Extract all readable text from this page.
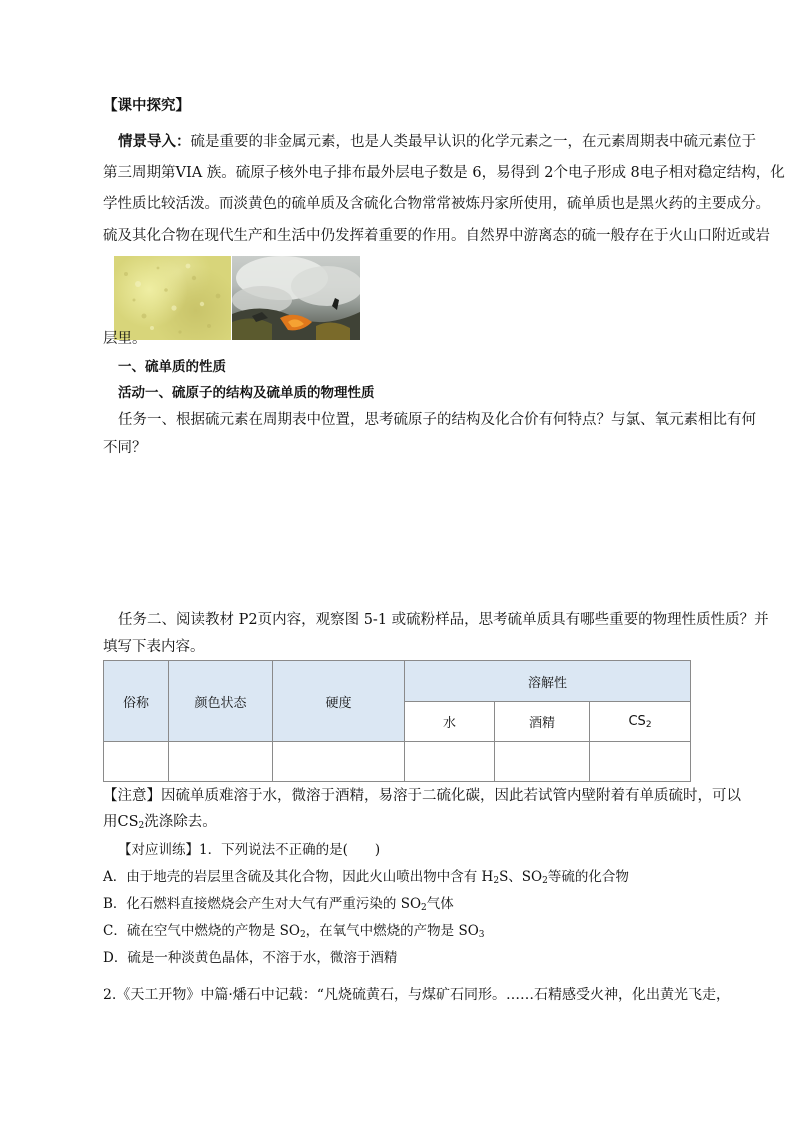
【课中探究】
情景导入：硫是重要的非金属元素，也是人类最早认识的化学元素之一，在元素周期表中硫元素位于
第三周期第VIA 族。硫原子核外电子排布最外层电子数是 6，易得到 2个电子形成 8电子相对稳定结构，化
学性质比较活泼。而淡黄色的硫单质及含硫化合物常常被炼丹家所使用，硫单质也是黑火药的主要成分。
硫及其化合物在现代生产和生活中仍发挥着重要的作用。自然界中游离态的硫一般存在于火山口附近或岩
层里。
一、硫单质的性质
活动一、硫原子的结构及硫单质的物理性质
任务一、根据硫元素在周期表中位置，思考硫原子的结构及化合价有何特点？与氯、氧元素相比有何
不同？
任务二、阅读教材 P2页内容，观察图 5-1 或硫粉样品，思考硫单质具有哪些重要的物理性质性质？并
填写下表内容。
俗称	颜色状态	硬度	溶解性		
			水	酒精	$CS_2$

【注意】因硫单质难溶于水，微溶于酒精，易溶于二硫化碳，因此若试管内壁附着有单质硫时，可以
用$CS_2$洗涤除去。
【对应训练】1．下列说法不正确的是(　　)
A．由于地壳的岩层里含硫及其化合物，因此火山喷出物中含有 $H_2S$、$SO_2$等硫的化合物
B．化石燃料直接燃烧会产生对大气有严重污染的 $SO_2$气体
C．硫在空气中燃烧的产物是 $SO_2$，在氧气中燃烧的产物是 $SO_3$
D．硫是一种淡黄色晶体，不溶于水，微溶于酒精
2.《天工开物》中篇·燔石中记载：“凡烧硫黄石，与煤矿石同形。……石精感受火神，化出黄光飞走，
